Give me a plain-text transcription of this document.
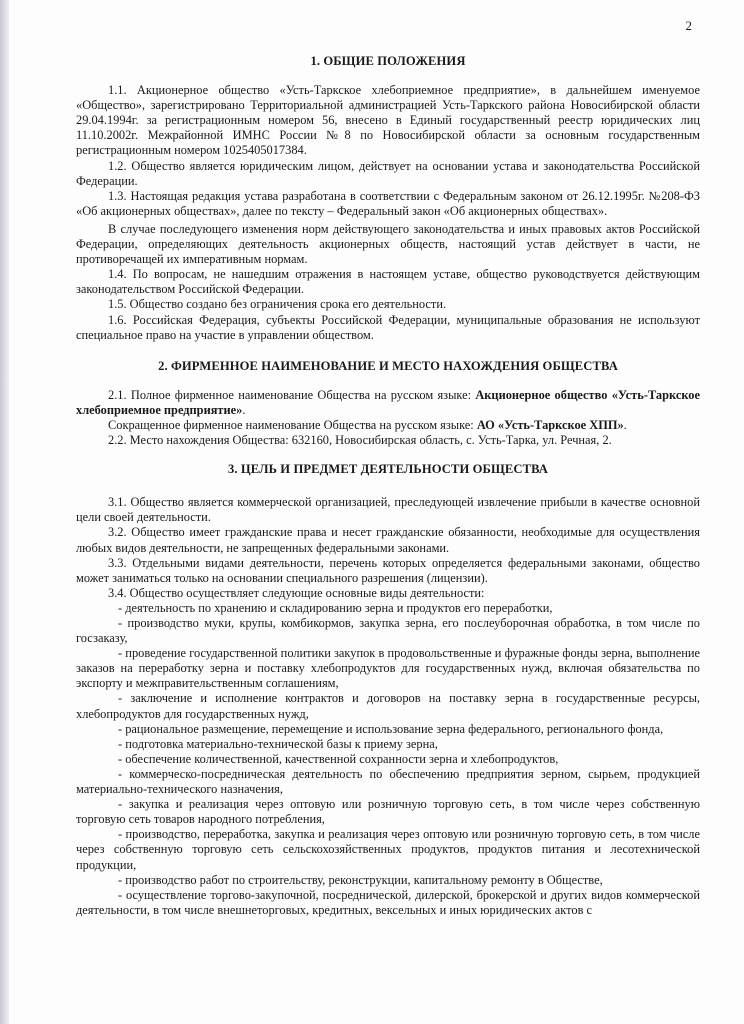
2
1. ОБЩИЕ ПОЛОЖЕНИЯ

1.1. Акционерное общество «Усть-Таркское хлебоприемное предприятие», в дальнейшем именуемое «Общество», зарегистрировано Территориальной администрацией Усть-Таркского района Новосибирской области 29.04.1994г. за регистрационным номером 56, внесено в Единый государственный реестр юридических лиц 11.10.2002г. Межрайонной ИМНС России №8 по Новосибирской области за основным государственным регистрационным номером 1025405017384.

1.2. Общество является юридическим лицом, действует на основании устава и законодательства Российской Федерации.

1.3. Настоящая редакция устава разработана в соответствии с Федеральным законом от 26.12.1995г. №208-ФЗ «Об акционерных обществах», далее по тексту – Федеральный закон «Об акционерных обществах».

В случае последующего изменения норм действующего законодательства и иных правовых актов Российской Федерации, определяющих деятельность акционерных обществ, настоящий устав действует в части, не противоречащей их императивным нормам.

1.4. По вопросам, не нашедшим отражения в настоящем уставе, общество руководствуется действующим законодательством Российской Федерации.

1.5. Общество создано без ограничения срока его деятельности.

1.6. Российская Федерация, субъекты Российской Федерации, муниципальные образования не используют специальное право на участие в управлении обществом.

2. ФИРМЕННОЕ НАИМЕНОВАНИЕ И МЕСТО НАХОЖДЕНИЯ ОБЩЕСТВА

2.1. Полное фирменное наименование Общества на русском языке: Акционерное общество «Усть-Таркское хлебоприемное предприятие».

Сокращенное фирменное наименование Общества на русском языке: АО «Усть-Таркское ХПП».

2.2. Место нахождения Общества: 632160, Новосибирская область, с. Усть-Тарка, ул. Речная, 2.

3. ЦЕЛЬ И ПРЕДМЕТ ДЕЯТЕЛЬНОСТИ ОБЩЕСТВА

3.1. Общество является коммерческой организацией, преследующей извлечение прибыли в качестве основной цели своей деятельности.

3.2. Общество имеет гражданские права и несет гражданские обязанности, необходимые для осуществления любых видов деятельности, не запрещенных федеральными законами.

3.3. Отдельными видами деятельности, перечень которых определяется федеральными законами, общество может заниматься только на основании специального разрешения (лицензии).

3.4. Общество осуществляет следующие основные виды деятельности:

- деятельность по хранению и складированию зерна и продуктов его переработки,

- производство муки, крупы, комбикормов, закупка зерна, его послеуборочная обработка, в том числе по госзаказу,

- проведение государственной политики закупок в продовольственные и фуражные фонды зерна, выполнение заказов на переработку зерна и поставку хлебопродуктов для государственных нужд, включая обязательства по экспорту и межправительственным соглашениям,

- заключение и исполнение контрактов и договоров на поставку зерна в государственные ресурсы, хлебопродуктов для государственных нужд,

- рациональное размещение, перемещение и использование зерна федерального, регионального фонда,

- подготовка материально-технической базы к приему зерна,

- обеспечение количественной, качественной сохранности зерна и хлебопродуктов,

- коммерческо-посредническая деятельность по обеспечению предприятия зерном, сырьем, продукцией материально-технического назначения,

- закупка и реализация через оптовую или розничную торговую сеть, в том числе через собственную торговую сеть товаров народного потребления,

- производство, переработка, закупка и реализация через оптовую или розничную торговую сеть, в том числе через собственную торговую сеть сельскохозяйственных продуктов, продуктов питания и лесотехнической продукции,

- производство работ по строительству, реконструкции, капитальному ремонту в Обществе,

- осуществление торгово-закупочной, посреднической, дилерской, брокерской и других видов коммерческой деятельности, в том числе внешнеторговых, кредитных, вексельных и иных юридических актов с
